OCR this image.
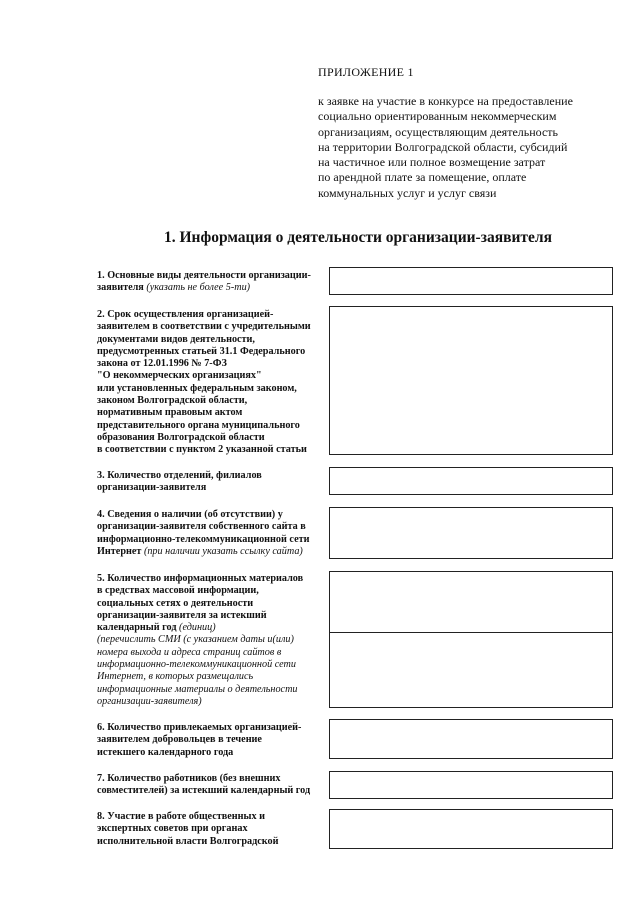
ПРИЛОЖЕНИЕ 1
к заявке на участие в конкурсе на предоставление
социально ориентированным некоммерческим
организациям, осуществляющим деятельность
на территории Волгоградской области, субсидий
на частичное или полное возмещение затрат
по арендной плате за помещение, оплате
коммунальных услуг и услуг связи
1. Информация о деятельности организации-заявителя
1. Основные виды деятельности организации-
заявителя (указать не более 5-ти)
2. Срок осуществления организацией-
заявителем в соответствии с учредительными
документами видов деятельности,
предусмотренных статьей 31.1 Федерального
закона от 12.01.1996 № 7-ФЗ
"О некоммерческих организациях"
или установленных федеральным законом,
законом Волгоградской области,
нормативным правовым актом
представительного органа муниципального
образования Волгоградской области
в соответствии с пунктом 2 указанной статьи
3. Количество отделений, филиалов
организации-заявителя
4. Сведения о наличии (об отсутствии) у
организации-заявителя собственного сайта в
информационно-телекоммуникационной сети
Интернет (при наличии указать ссылку сайта)
5. Количество информационных материалов
в средствах массовой информации,
социальных сетях о деятельности
организации-заявителя за истекший
календарный год (единиц)
(перечислить СМИ (с указанием даты и(или)
номера выхода и адреса страниц сайтов в
информационно-телекоммуникационной сети
Интернет, в которых размещались
информационные материалы о деятельности
организации-заявителя)
6. Количество привлекаемых организацией-
заявителем добровольцев в течение
истекшего календарного года
7. Количество работников (без внешних
совместителей) за истекший календарный год
8. Участие в работе общественных и
экспертных советов при органах
исполнительной власти Волгоградской
